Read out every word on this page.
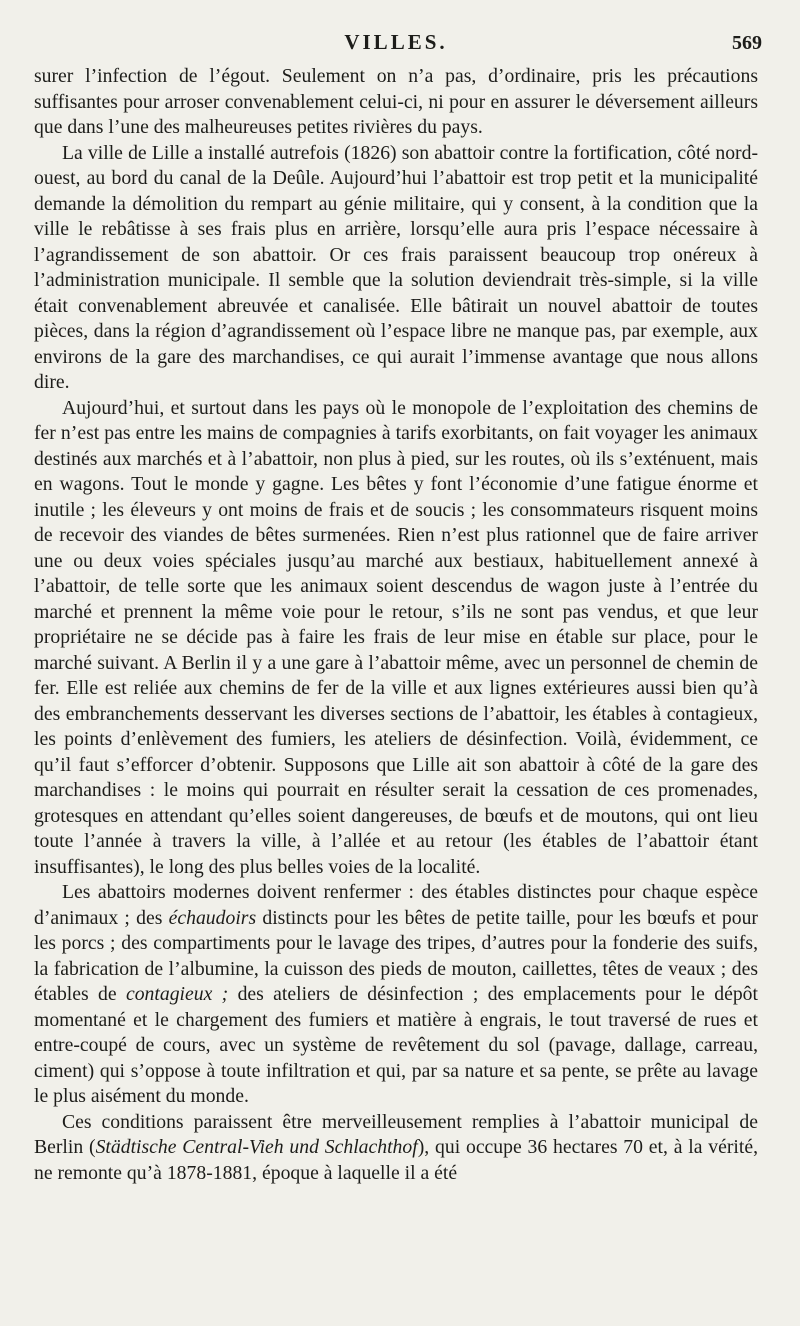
VILLES.	569

surer l’infection de l’égout. Seulement on n’a pas, d’ordinaire, pris les précautions suffisantes pour arroser convenablement celui-ci, ni pour en assurer le déversement ailleurs que dans l’une des malheureuses petites rivières du pays.

La ville de Lille a installé autrefois (1826) son abattoir contre la fortification, côté nord-ouest, au bord du canal de la Deûle. Aujourd’hui l’abattoir est trop petit et la municipalité demande la démolition du rempart au génie militaire, qui y consent, à la condition que la ville le rebâtisse à ses frais plus en arrière, lorsqu’elle aura pris l’espace nécessaire à l’agrandissement de son abattoir. Or ces frais paraissent beaucoup trop onéreux à l’administration municipale. Il semble que la solution deviendrait très-simple, si la ville était convenablement abreuvée et canalisée. Elle bâtirait un nouvel abattoir de toutes pièces, dans la région d’agrandissement où l’espace libre ne manque pas, par exemple, aux environs de la gare des marchandises, ce qui aurait l’immense avantage que nous allons dire.

Aujourd’hui, et surtout dans les pays où le monopole de l’exploitation des chemins de fer n’est pas entre les mains de compagnies à tarifs exorbitants, on fait voyager les animaux destinés aux marchés et à l’abattoir, non plus à pied, sur les routes, où ils s’exténuent, mais en wagons. Tout le monde y gagne. Les bêtes y font l’économie d’une fatigue énorme et inutile ; les éleveurs y ont moins de frais et de soucis ; les consommateurs risquent moins de recevoir des viandes de bêtes surmenées. Rien n’est plus rationnel que de faire arriver une ou deux voies spéciales jusqu’au marché aux bestiaux, habituellement annexé à l’abattoir, de telle sorte que les animaux soient descendus de wagon juste à l’entrée du marché et prennent la même voie pour le retour, s’ils ne sont pas vendus, et que leur propriétaire ne se décide pas à faire les frais de leur mise en étable sur place, pour le marché suivant. A Berlin il y a une gare à l’abattoir même, avec un personnel de chemin de fer. Elle est reliée aux chemins de fer de la ville et aux lignes extérieures aussi bien qu’à des embranchements desservant les diverses sections de l’abattoir, les étables à contagieux, les points d’enlèvement des fumiers, les ateliers de désinfection. Voilà, évidemment, ce qu’il faut s’efforcer d’obtenir. Supposons que Lille ait son abattoir à côté de la gare des marchandises : le moins qui pourrait en résulter serait la cessation de ces promenades, grotesques en attendant qu’elles soient dangereuses, de bœufs et de moutons, qui ont lieu toute l’année à travers la ville, à l’allée et au retour (les étables de l’abattoir étant insuffisantes), le long des plus belles voies de la localité.

Les abattoirs modernes doivent renfermer : des étables distinctes pour chaque espèce d’animaux ; des échaudoirs distincts pour les bêtes de petite taille, pour les bœufs et pour les porcs ; des compartiments pour le lavage des tripes, d’autres pour la fonderie des suifs, la fabrication de l’albumine, la cuisson des pieds de mouton, caillettes, têtes de veaux ; des étables de contagieux ; des ateliers de désinfection ; des emplacements pour le dépôt momentané et le chargement des fumiers et matière à engrais, le tout traversé de rues et entre-coupé de cours, avec un système de revêtement du sol (pavage, dallage, carreau, ciment) qui s’oppose à toute infiltration et qui, par sa nature et sa pente, se prête au lavage le plus aisément du monde.

Ces conditions paraissent être merveilleusement remplies à l’abattoir municipal de Berlin (Städtische Central-Vieh und Schlachthof), qui occupe 36 hectares 70 et, à la vérité, ne remonte qu’à 1878-1881, époque à laquelle il a été
